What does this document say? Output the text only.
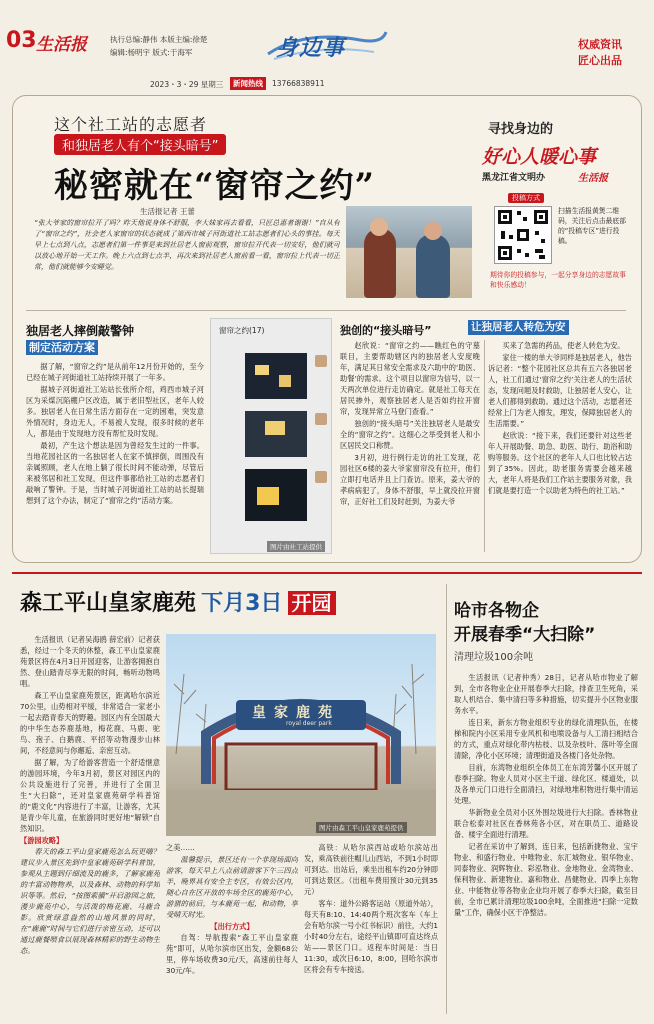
03 生活报	执行总编:静伟 本版主编:徐楚
编辑:杨明宇 版式:于海军	身边事	权威资讯
匠心出品
2023・3・29 星期三	新闻热线	13766838911
这个社工站的志愿者
和独居老人有个“接头暗号”
秘密就在“窗帘之约”
寻找身边的
好心人暖心事
黑龙江省文明办	生活报
投稿方式
扫描生活报黄煲二维码，关注后点击最底部的“投稿专区”进行投稿。
期待你的投稿参与，一起分享身边的志愿故事和快乐感动！
生活报记者 王蕾
“张大爷家的窗帘拉开了吗？昨天他说身体不舒服，李大妹家再去看看，只匠总惠者谢谢！”自从有了“窗帘之约”，社会老人家窗帘的状态就成了第西市城子河街道社工站志愿者们心头的事挂。每天早上七点到八点，志愿者们第一件事是来到社居老人窗前观察，窗帘拉开代表一切安好，他们就可以放心地开始一天工作。晚上六点到七点半，再次来到社居老人窗前看一看，窗帘拉上代表一切正常，他们就能够今安睡觉。
独居老人摔倒敲警钟
制定活动方案

据了解，“窗帘之约”是从前年12月份开始的，至今已经在城子河街道社工站持续开展了一年多。

据城子河街道社工站站长张所介绍，鸡西市城子河区为采煤沉陷棚户区改造，属于老旧型社区，老年人较多。独居老人在日常生活方面存在一定的困难，突发意外情况时，身边无人，不易被人发现，很多时候的老年人，都是由于发现地方没有帮忙及时发现。

最初，产生这个想法是因为曾经发生过的一件事。当地花园社区的一名独居老人在家不慎摔倒，周围没有亲属照顾，老人在地上躺了很长时间不能动弹，尽管后来被邻居和社工发现，但这件事都给社工站的志愿者们敲响了警钟。于是，当时城子河街道社工站的站长提瑞想到了这个办法，制定了“窗帘之约”活动方案。

窗帘之约(17)
图片由社工站提供
独创的“接头暗号”	让独居老人转危为安

赵欣说：“窗帘之约——瞧红色的守墓联目，主要帮助辖区内的独居老人安度晚年，满足其日常安全需求及六助中的‘助医、助餐’的需求。这个项目以窗帘为信号，以一天两次单位进行走访确定。就是社工每天在居民掺外，观察独居老人是否如约拉开窗帘，发现异常立马登门查看。”

独创的“接头暗号”关注独居老人是最安全的“窗帘之约”。这细心之举受到老人和小区居民交口称赞。

3月初，进行例行走访的社工发现，花园社区6楼的姜大爷家窗帘没有拉开，他们立即打电话并且上门查访。原来，姜大爷的孝病病犯了，身体不舒服，早上就没拉开窗帘，正好社工们及时赶到，为姜大爷

买来了急需的药品，使老人转危为安。

家住一楼的单大爷同样是独居老人，他告诉记者：“整个花园社区总共有五六各独居老人，社工们通过‘窗帘之约’关注老人的生活状态，发现问题及时救助，让独居老人安心，让老人们都得到救助。通过这个活动，志愿者还经常上门为老人擦发，理发，保障独居老人的生活需要。”

赵欣说：“接下来，我们还要针对这些老年人开展助餐、助急、助医、助行、助浴和助购等服务。这个社区的老年人人口也比较占达到了35%。因此，助老服务需要会越来越大，老年人将是我们工作站主要服务对象，我们就是要打造一个以助老为特色的社工站。”

森工平山皇家鹿苑 下月3日 开园

生活报讯（记者吴海鸥 薛宏前）记者获悉，经过一个冬天的休整，森工平山皇家鹿苑景区将在4月3日开园迎客，让游客拥抱自然、登山踏青尽享无限的时间，畅听动物鸣唱。

森工平山皇家鹿苑景区，距离哈尔滨近70公里，山势相对平缓，非常适合一家老小一起去踏青春天的野趣。园区内有全国最大的中华生态养鹿基地，梅花鹿、马鹿、驼鸟、孢子、白鹅鹿、平招等动物漫步山林间，不经意间与你邂逅、亲密互动。

据了解，为了给游客营造一个舒适惬意的游园环境，今年3月初，景区对园区内的公共设施进行了完善，并进行了全面卫生“大扫除”，还对皇家鹿苑研学科普馆的“鹿文化”内容进行了丰富，让游客，尤其是青少年儿童，在旅游同时更好地“解锁”自然知识。

【游园攻略】

春天的森工平山皇家鹿苑怎么玩更嗨？建议步入景区先到中皇家鹿苑研学科普馆，参观从主题到仔细流及的鹿多，了解家鹿苑的丰富动物物养，以及森林、动物的科学知识等等。然后，“按图索骥”开启游园之旅，漫步鹿苑中心，与活泼的梅花鹿、马鹿合影。欣赏绿意盎然的山地风景的同时，在“鹿鹿”时间与它们进行亲密互动，还可以通过鹿餐喂食以展现森林精彩的野生动物生态。

皇家鹿苑
royal deer park
图片由森工平山皇家鹿苑提供

之美……

温馨提示，景区还有一个非现场面向游客，每天早上八点前请游客下午三四点半，晚界具有安全主专区，有效公区内，随心自在区开放的车场全区的鹿苑中心，游猎的前后，与本鹿苑一起，和动物，享受晴天时光。

【出行方式】

自驾：导航搜索“森工平山皇家鹿苑”即可，从哈尔滨市区出发，金额68公里，停车场收费30元/天，高速前往每人30元/车。

高铁：从哈尔滨西站或哈尔滨站出发，乘高铁前往帽儿山西站，不到1小时即可到达。出站后，乘坐出租车约20分钟即可到达景区。（出租车费用预计30元到35元）

客车：道外公路客运站（原道外站），每天有8:10、14:40两个班次客车（车上会有哈尔滨一号小红书标识）前往，大约1小时40分左右，途经平山镇即可直达终点站——景区门口。返程车时间是：当日11:30，或次日6:10，8:00，回哈尔滨市区将会有专车接送。

哈市各物企
开展春季“大扫除”
清理垃圾100余吨

生活报讯（记者仲秀）28日，记者从哈市物业了解到，全市各物业企业开展春季大扫除，排查卫生死角，采取人机结合、集中清扫等多种措施，切实提升小区物业服务水平。

连日来，新东方物业组织专业的绿化清理队伍，在楼梯和院内小区采用专业风机和电喷设备与人工清扫相结合的方式，重点对绿化带内枯枝、以及杂枝叶、落叶等全面清除，净化小区环境；清理街道及各楼门各处杂物。

目前，东湾物业组织全体员工在东湾芳馨小区开展了春季扫除。物业人员对小区主干道、绿化区、楼道处，以及各单元门口进行全面清扫，对绿地堆积物进行集中清运处理。

华新物业全员对小区外围垃圾进行大扫除。香林物业联合松泰对社区在香林苑各小区，对在职员工、道路设备、楼宇全面进行清理。

记者在采访中了解到，连日来，包括新捷物业、宝宇物业、和盛行物业、中唯物业、东汇城物业、银华物业、同泰物业、润辉物业、彩泓物业、金地物业、金湾物业、保利物业、新建物业、嘉和物业、昌健物业、四季上东物业、中能物业等各物业企业均开展了春季大扫除，截至目前，全市已累计清理垃圾100余吨，全面推进“扫除一定数量”工作，确保小区干净整洁。
